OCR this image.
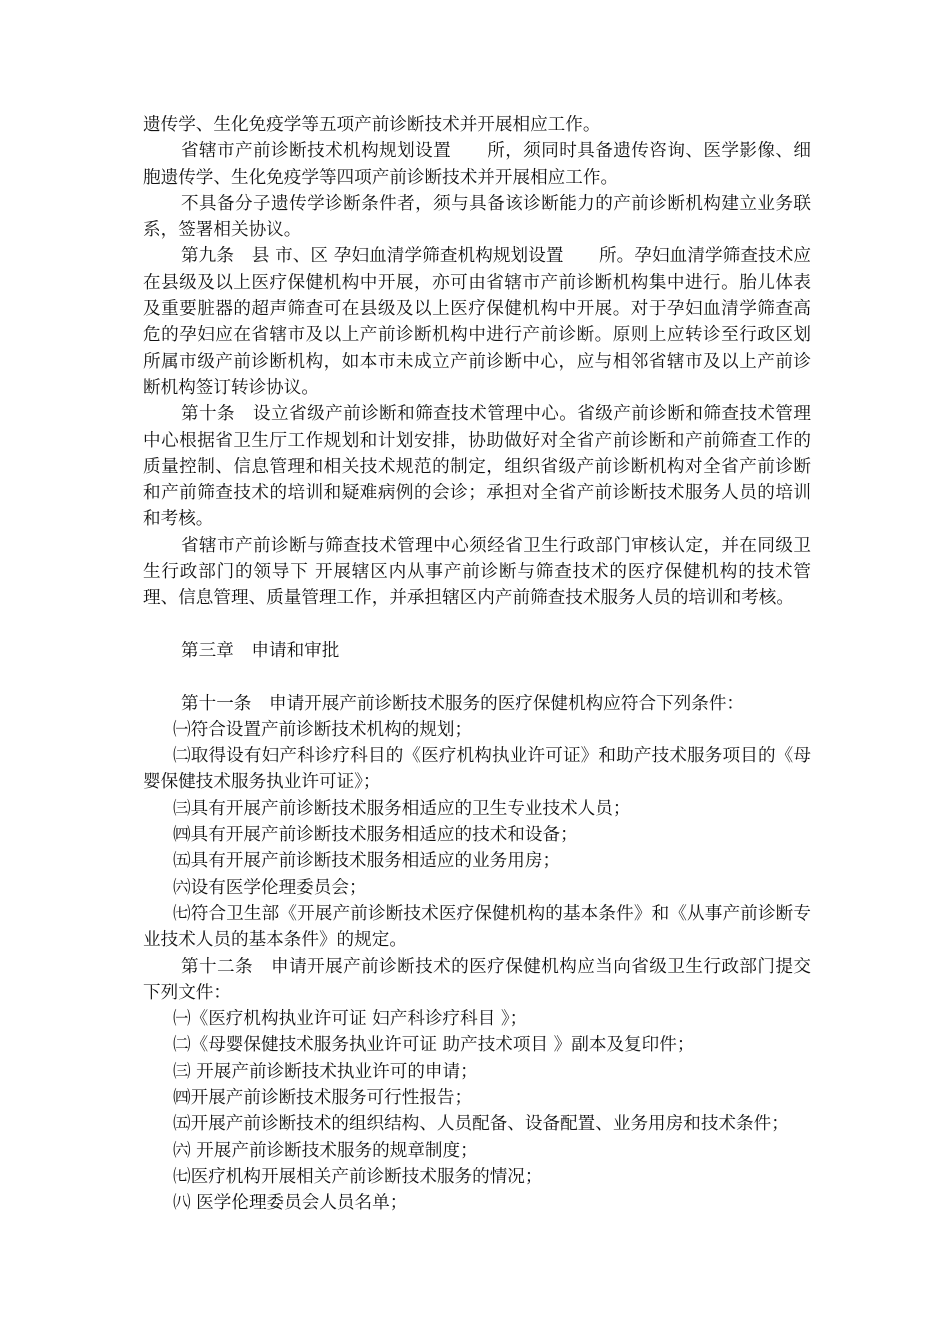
遗传学、生化免疫学等五项产前诊断技术并开展相应工作。

省辖市产前诊断技术机构规划设置　　所，须同时具备遗传咨询、医学影像、细胞遗传学、生化免疫学等四项产前诊断技术并开展相应工作。

不具备分子遗传学诊断条件者，须与具备该诊断能力的产前诊断机构建立业务联系，签署相关协议。

第九条　县 市、区 孕妇血清学筛查机构规划设置　　所。孕妇血清学筛查技术应在县级及以上医疗保健机构中开展，亦可由省辖市产前诊断机构集中进行。胎儿体表及重要脏器的超声筛查可在县级及以上医疗保健机构中开展。对于孕妇血清学筛查高危的孕妇应在省辖市及以上产前诊断机构中进行产前诊断。原则上应转诊至行政区划所属市级产前诊断机构，如本市未成立产前诊断中心，应与相邻省辖市及以上产前诊断机构签订转诊协议。

第十条　设立省级产前诊断和筛查技术管理中心。省级产前诊断和筛查技术管理中心根据省卫生厅工作规划和计划安排，协助做好对全省产前诊断和产前筛查工作的质量控制、信息管理和相关技术规范的制定，组织省级产前诊断机构对全省产前诊断和产前筛查技术的培训和疑难病例的会诊；承担对全省产前诊断技术服务人员的培训和考核。

省辖市产前诊断与筛查技术管理中心须经省卫生行政部门审核认定，并在同级卫生行政部门的领导下 开展辖区内从事产前诊断与筛查技术的医疗保健机构的技术管理、信息管理、质量管理工作，并承担辖区内产前筛查技术服务人员的培训和考核。

第三章　申请和审批

第十一条　申请开展产前诊断技术服务的医疗保健机构应符合下列条件：

㈠符合设置产前诊断技术机构的规划；

㈡取得设有妇产科诊疗科目的《医疗机构执业许可证》和助产技术服务项目的《母婴保健技术服务执业许可证》；

㈢具有开展产前诊断技术服务相适应的卫生专业技术人员；

㈣具有开展产前诊断技术服务相适应的技术和设备；

㈤具有开展产前诊断技术服务相适应的业务用房；

㈥设有医学伦理委员会；

㈦符合卫生部《开展产前诊断技术医疗保健机构的基本条件》和《从事产前诊断专业技术人员的基本条件》的规定。

第十二条　申请开展产前诊断技术的医疗保健机构应当向省级卫生行政部门提交下列文件：

㈠《医疗机构执业许可证 妇产科诊疗科目 》；

㈡《母婴保健技术服务执业许可证 助产技术项目 》副本及复印件；

㈢ 开展产前诊断技术执业许可的申请；

㈣开展产前诊断技术服务可行性报告；

㈤开展产前诊断技术的组织结构、人员配备、设备配置、业务用房和技术条件；

㈥ 开展产前诊断技术服务的规章制度；

㈦医疗机构开展相关产前诊断技术服务的情况；

㈧ 医学伦理委员会人员名单；
